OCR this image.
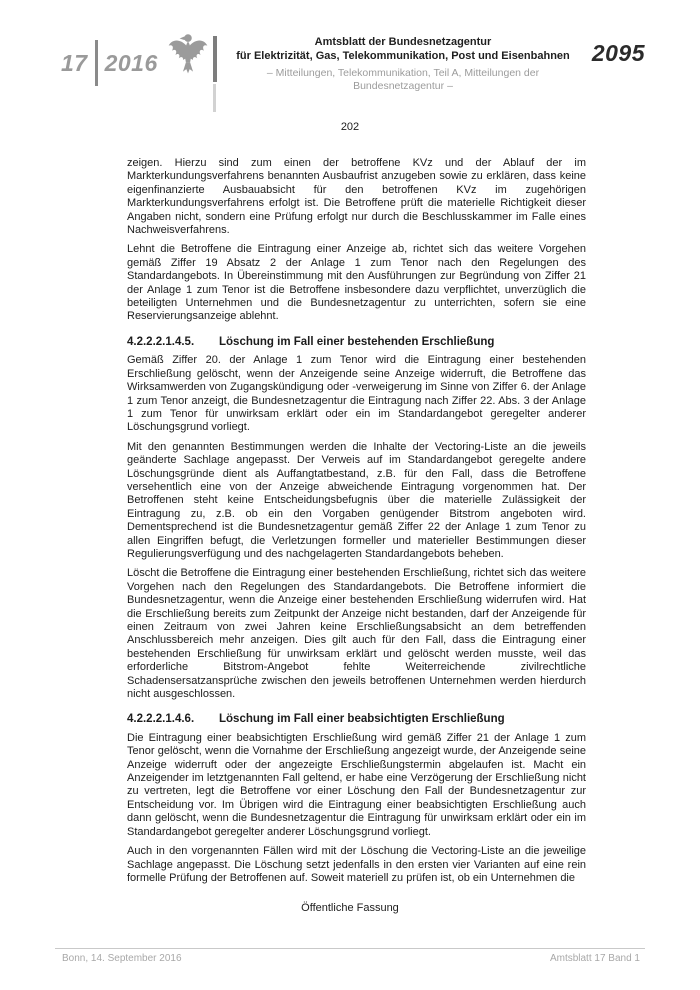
17 2016
Amtsblatt der Bundesnetzagentur
für Elektrizität, Gas, Telekommunikation, Post und Eisenbahnen
– Mitteilungen, Telekommunikation, Teil A, Mitteilungen der Bundesnetzagentur –
2095
202

zeigen. Hierzu sind zum einen der betroffene KVz und der Ablauf der im Markterkundungsverfahrens benannten Ausbaufrist anzugeben sowie zu erklären, dass keine eigenfinanzierte Ausbauabsicht für den betroffenen KVz im zugehörigen Markterkundungsverfahrens erfolgt ist. Die Betroffene prüft die materielle Richtigkeit dieser Angaben nicht, sondern eine Prüfung erfolgt nur durch die Beschlusskammer im Falle eines Nachweisverfahrens.

Lehnt die Betroffene die Eintragung einer Anzeige ab, richtet sich das weitere Vorgehen gemäß Ziffer 19 Absatz 2 der Anlage 1 zum Tenor nach den Regelungen des Standardangebots. In Übereinstimmung mit den Ausführungen zur Begründung von Ziffer 21 der Anlage 1 zum Tenor ist die Betroffene insbesondere dazu verpflichtet, unverzüglich die beteiligten Unternehmen und die Bundesnetzagentur zu unterrichten, sofern sie eine Reservierungsanzeige ablehnt.

4.2.2.2.1.4.5.	Löschung im Fall einer bestehenden Erschließung

Gemäß Ziffer 20. der Anlage 1 zum Tenor wird die Eintragung einer bestehenden Erschließung gelöscht, wenn der Anzeigende seine Anzeige widerruft, die Betroffene das Wirksamwerden von Zugangskündigung oder -verweigerung im Sinne von Ziffer 6. der Anlage 1 zum Tenor anzeigt, die Bundesnetzagentur die Eintragung nach Ziffer 22. Abs. 3 der Anlage 1 zum Tenor für unwirksam erklärt oder ein im Standardangebot geregelter anderer Löschungsgrund vorliegt.

Mit den genannten Bestimmungen werden die Inhalte der Vectoring-Liste an die jeweils geänderte Sachlage angepasst. Der Verweis auf im Standardangebot geregelte andere Löschungsgründe dient als Auffangtatbestand, z.B. für den Fall, dass die Betroffene versehentlich eine von der Anzeige abweichende Eintragung vorgenommen hat. Der Betroffenen steht keine Entscheidungsbefugnis über die materielle Zulässigkeit der Eintragung zu, z.B. ob ein den Vorgaben genügender Bitstrom angeboten wird. Dementsprechend ist die Bundesnetzagentur gemäß Ziffer 22 der Anlage 1 zum Tenor zu allen Eingriffen befugt, die Verletzungen formeller und materieller Bestimmungen dieser Regulierungsverfügung und des nachgelagerten Standardangebots beheben.

Löscht die Betroffene die Eintragung einer bestehenden Erschließung, richtet sich das weitere Vorgehen nach den Regelungen des Standardangebots. Die Betroffene informiert die Bundesnetzagentur, wenn die Anzeige einer bestehenden Erschließung widerrufen wird. Hat die Erschließung bereits zum Zeitpunkt der Anzeige nicht bestanden, darf der Anzeigende für einen Zeitraum von zwei Jahren keine Erschließungsabsicht an dem betreffenden Anschlussbereich mehr anzeigen. Dies gilt auch für den Fall, dass die Eintragung einer bestehenden Erschließung für unwirksam erklärt und gelöscht werden musste, weil das erforderliche Bitstrom-Angebot fehlte Weiterreichende zivilrechtliche Schadensersatzansprüche zwischen den jeweils betroffenen Unternehmen werden hierdurch nicht ausgeschlossen.

4.2.2.2.1.4.6.	Löschung im Fall einer beabsichtigten Erschließung

Die Eintragung einer beabsichtigten Erschließung wird gemäß Ziffer 21 der Anlage 1 zum Tenor gelöscht, wenn die Vornahme der Erschließung angezeigt wurde, der Anzeigende seine Anzeige widerruft oder der angezeigte Erschließungstermin abgelaufen ist. Macht ein Anzeigender im letztgenannten Fall geltend, er habe eine Verzögerung der Erschließung nicht zu vertreten, legt die Betroffene vor einer Löschung den Fall der Bundesnetzagentur zur Entscheidung vor. Im Übrigen wird die Eintragung einer beabsichtigten Erschließung auch dann gelöscht, wenn die Bundesnetzagentur die Eintragung für unwirksam erklärt oder ein im Standardangebot geregelter anderer Löschungsgrund vorliegt.

Auch in den vorgenannten Fällen wird mit der Löschung die Vectoring-Liste an die jeweilige Sachlage angepasst. Die Löschung setzt jedenfalls in den ersten vier Varianten auf eine rein formelle Prüfung der Betroffenen auf. Soweit materiell zu prüfen ist, ob ein Unternehmen die

Öffentliche Fassung
Bonn, 14. September 2016	Amtsblatt 17 Band 1
